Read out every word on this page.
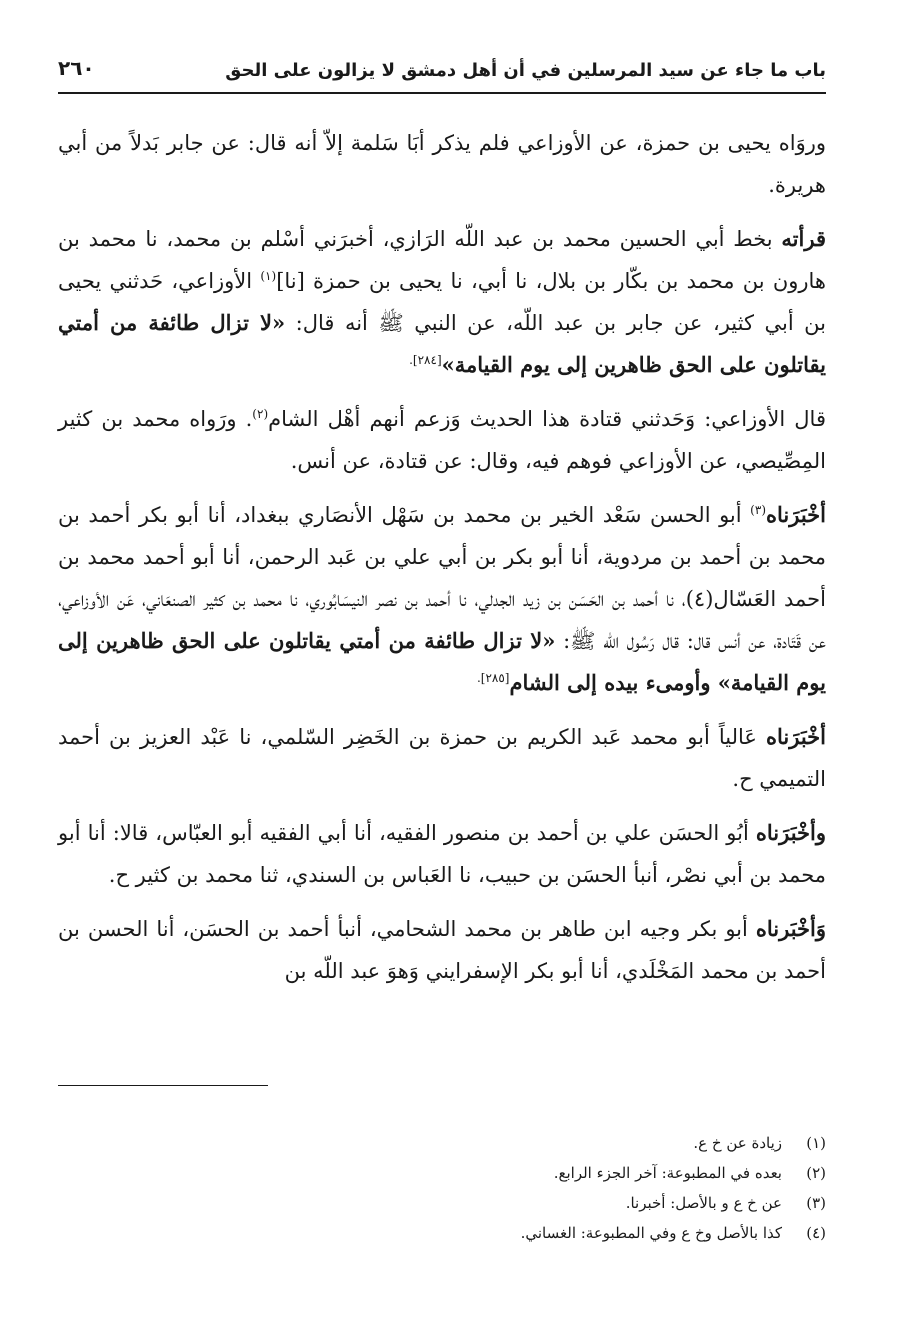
٢٦٠	باب ما جاء عن سيد المرسلين في أن أهل دمشق لا يزالون على الحق

وروَاه يحيى بن حمزة، عن الأوزاعي فلم يذكر أبَا سَلمة إلاّ أنه قال: عن جابر بَدلاً من أبي هريرة.

قرأته بخط أبي الحسين محمد بن عبد اللّه الرَازي، أخبرَني أسْلم بن محمد، نا محمد بن هارون بن محمد بن بكّار بن بلال، نا أبي، نا يحيى بن حمزة [نا]$^{(١)}$ الأوزاعي، حَدثني يحيى بن أبي كثير، عن جابر بن عبد اللّه، عن النبي ﷺ أنه قال: «لا تزال طائفة من أمتي يقاتلون على الحق ظاهرين إلى يوم القيامة»$^{[٢٨٤].}$

قال الأوزاعي: وَحَدثني قتادة هذا الحديث وَزعم أنهم أهْل الشام$^{(٢)}$. ورَواه محمد بن كثير المِصِّيصي، عن الأوزاعي فوهم فيه، وقال: عن قتادة، عن أنس.

أخْبَرَناه$^{(٣)}$ أبو الحسن سَعْد الخير بن محمد بن سَهْل الأنصَاري ببغداد، أنا أبو بكر أحمد بن محمد بن أحمد بن مردوية، أنا أبو بكر بن أبي علي بن عَبد الرحمن، أنا أبو أحمد محمد بن أحمد العَسّال(٤)، نا أحمد بن الحَسَن بن زيد الجدلي، نا أحمد بن نصر النيسَابُوري، نا محمد بن كثير الصنعَاني، عَن الأوزاعي، عن قَتَادة، عن أنس قال: قال رَسُول الله ﷺ: «لا تزال طائفة من أمتي يقاتلون على الحق ظاهرين إلى يوم القيامة» وأومىء بيده إلى الشام$^{[٢٨٥].}$

أخْبَرَناه عَالياً أبو محمد عَبد الكريم بن حمزة بن الخَضِر السّلمي، نا عَبْد العزيز بن أحمد التميمي ح.

وأخْبَرَناه أبُو الحسَن علي بن أحمد بن منصور الفقيه، أنا أبي الفقيه أبو العبّاس، قالا: أنا أبو محمد بن أبي نصْر، أنبأ الحسَن بن حبيب، نا العَباس بن السندي، ثنا محمد بن كثير ح.

وَأخْبَرناه أبو بكر وجيه ابن طاهر بن محمد الشحامي، أنبأ أحمد بن الحسَن، أنا الحسن بن أحمد بن محمد المَخْلَدي، أنا أبو بكر الإسفرايني وَهوَ عبد اللّه بن

(١)
زيادة عن خ ع.
(٢)
بعده في المطبوعة: آخر الجزء الرابع.
(٣)
عن خ ع و بالأصل: أخبرنا.
(٤)
كذا بالأصل وخ ع وفي المطبوعة: الغساني.
